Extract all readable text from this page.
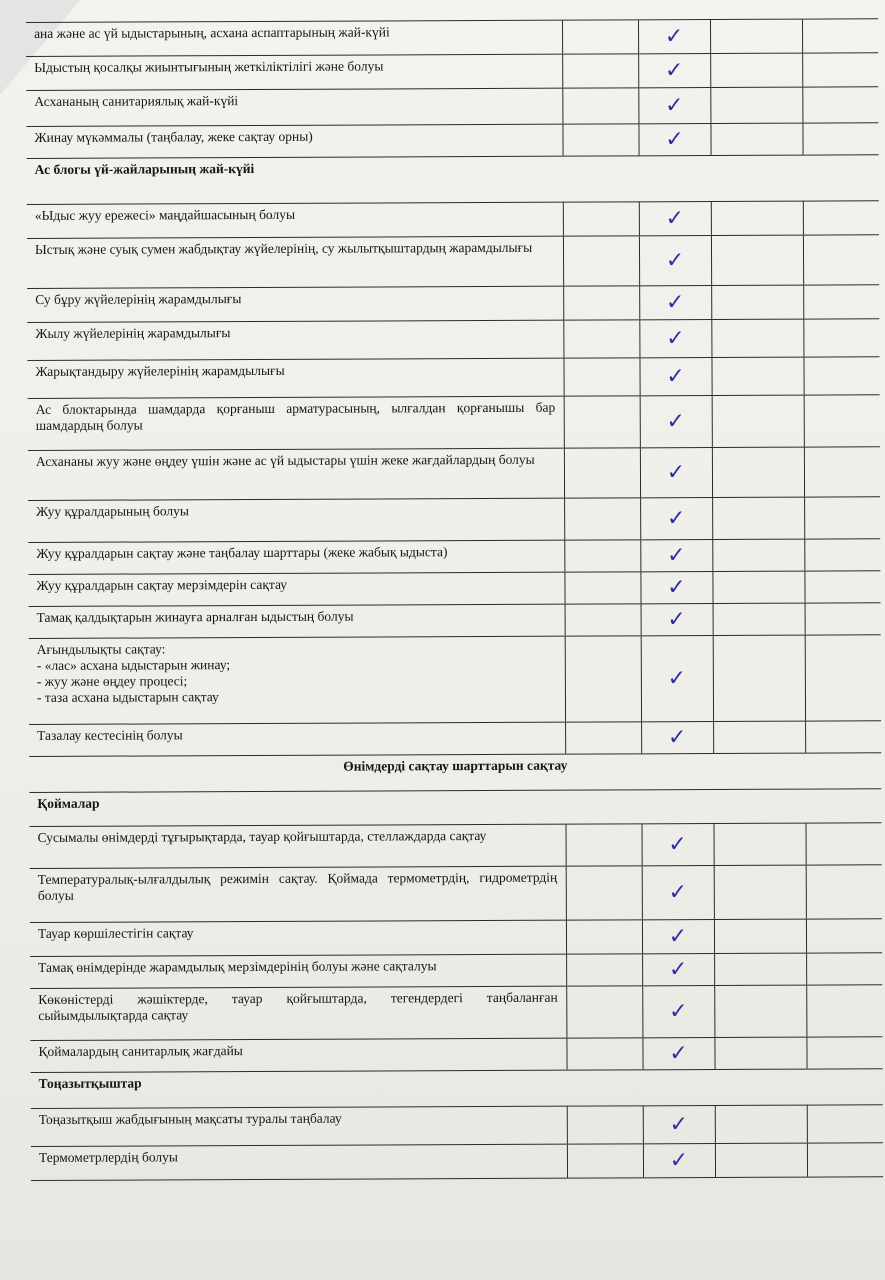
ана және ас үй ыдыстарының, асхана аспаптарының жай-күйі		✓		
Ыдыстың қосалқы жиынтығының жеткіліктілігі және болуы		✓		
Асхананың санитариялық жай-күйі		✓		
Жинау мүкәммалы (таңбалау, жеке сақтау орны)		✓		
Ас блогы үй-жайларының жай-күйі				
«Ыдыс жуу ережесі» маңдайшасының болуы		✓		
Ыстық және суық сумен жабдықтау жүйелерінің, су жылытқыштардың жарамдылығы		✓		
Су бұру жүйелерінің жарамдылығы		✓		
Жылу жүйелерінің жарамдылығы		✓		
Жарықтандыру жүйелерінің жарамдылығы		✓		
Ас блоктарында шамдарда қорғаныш арматурасының, ылғалдан қорғанышы бар шамдардың болуы		✓		
Асхананы жуу және өңдеу үшін және ас үй ыдыстары үшін жеке жағдайлардың болуы		✓		
Жуу құралдарының болуы		✓		
Жуу құралдарын сақтау және таңбалау шарттары (жеке жабық ыдыста)		✓		
Жуу құралдарын сақтау мерзімдерін сақтау		✓		
Тамақ қалдықтарын жинауға арналған ыдыстың болуы		✓		

Ағындылықты сақтау:
- «лас» асхана ыдыстарын жинау;
- жуу және өңдеу процесі;
- таза асхана ыдыстарын сақтау		✓		
Тазалау кестесінің болуы		✓		
Өнімдерді сақтау шарттарын сақтау				
Қоймалар				
Сусымалы өнімдерді тұғырықтарда, тауар қойғыштарда, стеллаждарда сақтау		✓		
Температуралық-ылғалдылық режимін сақтау. Қоймада термометрдің, гидрометрдің болуы		✓		
Тауар көршілестігін сақтау		✓		
Тамақ өнімдерінде жарамдылық мерзімдерінің болуы және сақталуы		✓		
Көкөністерді жәшіктерде, тауар қойғыштарда, тегендердегі таңбаланған сыйымдылықтарда сақтау		✓		
Қоймалардың санитарлық жағдайы		✓		
Тоңазытқыштар				
Тоңазытқыш жабдығының мақсаты туралы таңбалау		✓		
Термометрлердің болуы		✓		
